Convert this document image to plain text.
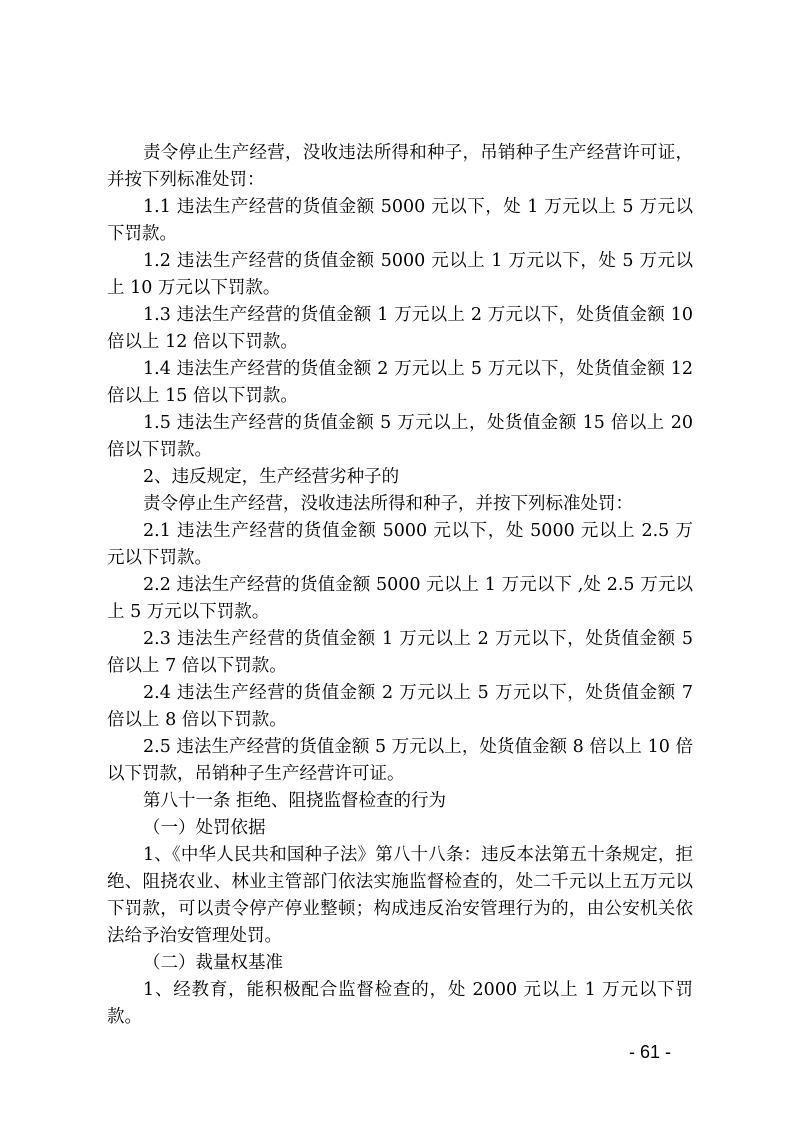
责令停止生产经营，没收违法所得和种子，吊销种子生产经营许可证，并按下列标准处罚：

1.1 违法生产经营的货值金额 5000 元以下，处 1 万元以上 5 万元以下罚款。

1.2 违法生产经营的货值金额 5000 元以上 1 万元以下，处 5 万元以上 10 万元以下罚款。

1.3 违法生产经营的货值金额 1 万元以上 2 万元以下，处货值金额 10 倍以上 12 倍以下罚款。

1.4 违法生产经营的货值金额 2 万元以上 5 万元以下，处货值金额 12 倍以上 15 倍以下罚款。

1.5 违法生产经营的货值金额 5 万元以上，处货值金额 15 倍以上 20 倍以下罚款。

2、违反规定，生产经营劣种子的

责令停止生产经营，没收违法所得和种子，并按下列标准处罚：

2.1 违法生产经营的货值金额 5000 元以下，处 5000 元以上 2.5 万元以下罚款。

2.2 违法生产经营的货值金额 5000 元以上 1 万元以下 ,处 2.5 万元以上 5 万元以下罚款。

2.3 违法生产经营的货值金额 1 万元以上 2 万元以下，处货值金额 5 倍以上 7 倍以下罚款。

2.4 违法生产经营的货值金额 2 万元以上 5 万元以下，处货值金额 7 倍以上 8 倍以下罚款。

2.5 违法生产经营的货值金额 5 万元以上，处货值金额 8 倍以上 10 倍以下罚款，吊销种子生产经营许可证。

第八十一条 拒绝、阻挠监督检查的行为

（一）处罚依据

1、《中华人民共和国种子法》第八十八条：违反本法第五十条规定，拒绝、阻挠农业、林业主管部门依法实施监督检查的，处二千元以上五万元以下罚款，可以责令停产停业整顿；构成违反治安管理行为的，由公安机关依法给予治安管理处罚。

（二）裁量权基准

1、经教育，能积极配合监督检查的，处 2000 元以上 1 万元以下罚款。

- 61 -
